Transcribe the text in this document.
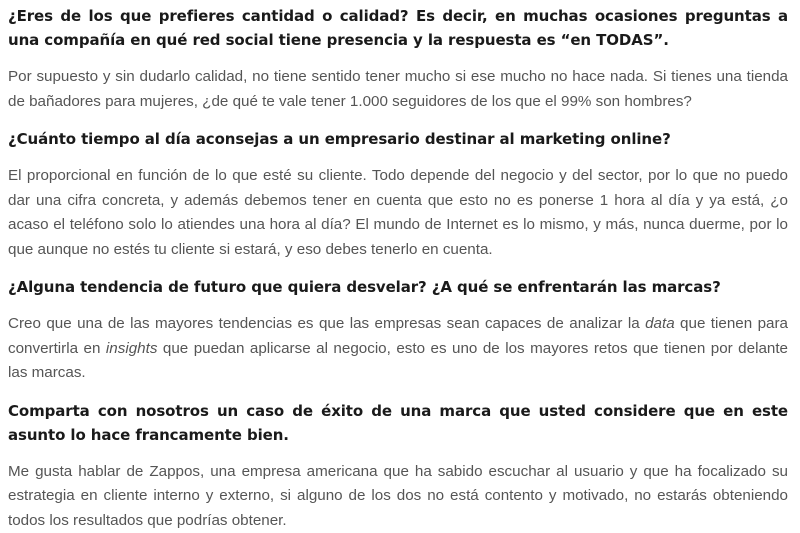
¿Eres de los que prefieres cantidad o calidad? Es decir, en muchas ocasiones preguntas a una compañía en qué red social tiene presencia y la respuesta es “en TODAS”.

Por supuesto y sin dudarlo calidad, no tiene sentido tener mucho si ese mucho no hace nada. Si tienes una tienda de bañadores para mujeres, ¿de qué te vale tener 1.000 seguidores de los que el 99% son hombres?

¿Cuánto tiempo al día aconsejas a un empresario destinar al marketing online?

El proporcional en función de lo que esté su cliente. Todo depende del negocio y del sector, por lo que no puedo dar una cifra concreta, y además debemos tener en cuenta que esto no es ponerse 1 hora al día y ya está, ¿o acaso el teléfono solo lo atiendes una hora al día? El mundo de Internet es lo mismo, y más, nunca duerme, por lo que aunque no estés tu cliente si estará, y eso debes tenerlo en cuenta.

¿Alguna tendencia de futuro que quiera desvelar? ¿A qué se enfrentarán las marcas?

Creo que una de las mayores tendencias es que las empresas sean capaces de analizar la data que tienen para convertirla en insights que puedan aplicarse al negocio, esto es uno de los mayores retos que tienen por delante las marcas.

Comparta con nosotros un caso de éxito de una marca que usted considere que en este asunto lo hace francamente bien.

Me gusta hablar de Zappos, una empresa americana que ha sabido escuchar al usuario y que ha focalizado su estrategia en cliente interno y externo, si alguno de los dos no está contento y motivado, no estarás obteniendo todos los resultados que podrías obtener.
